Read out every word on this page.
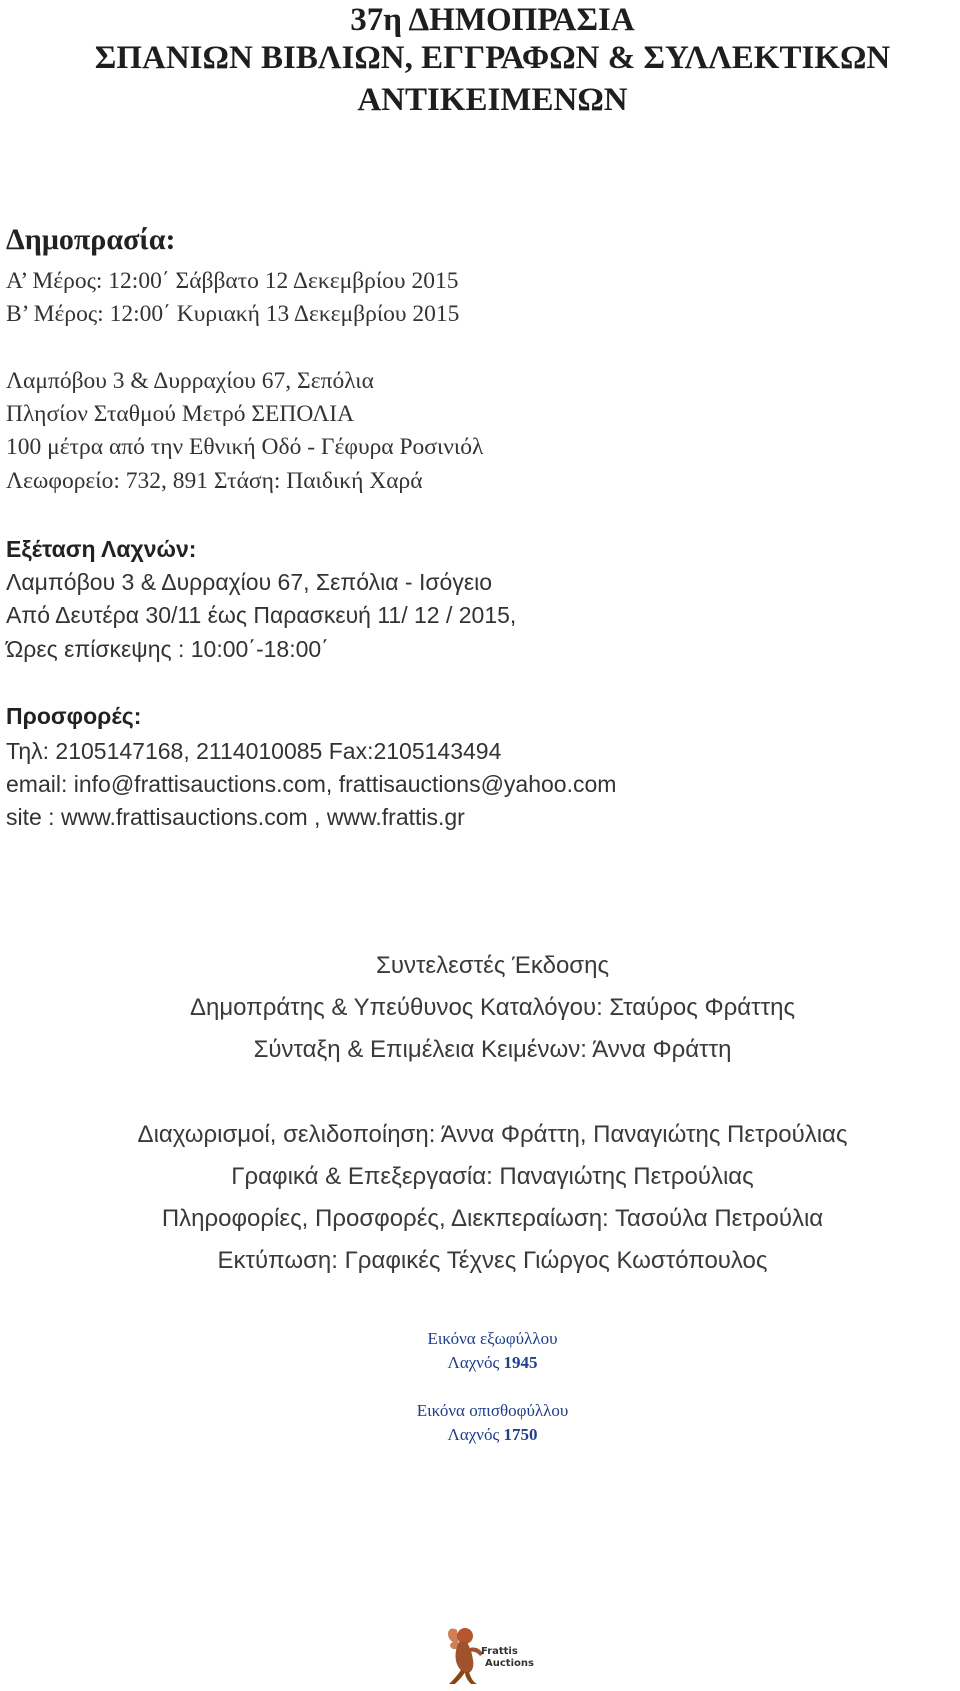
37η ΔΗΜΟΠΡΑΣΙΑ
ΣΠΑΝΙΩΝ ΒΙΒΛΙΩΝ, ΕΓΓΡΑΦΩΝ & ΣΥΛΛΕΚΤΙΚΩΝ
ΑΝΤΙΚΕΙΜΕΝΩΝ
Δημοπρασία:
Α’ Μέρος: 12:00΄ Σάββατο 12 Δεκεμβρίου 2015
Β’ Μέρος: 12:00΄ Κυριακή 13 Δεκεμβρίου 2015
Λαμπόβου 3 & Δυρραχίου 67, Σεπόλια
Πλησίον Σταθμού Μετρό ΣΕΠΟΛΙΑ
100 μέτρα από την Εθνική Οδό - Γέφυρα Ροσινιόλ
Λεωφορείο: 732, 891 Στάση: Παιδική Χαρά
Εξέταση Λαχνών:
Λαμπόβου 3 & Δυρραχίου 67, Σεπόλια - Ισόγειο
Από Δευτέρα 30/11 έως Παρασκευή 11/ 12 / 2015,
Ώρες επίσκεψης : 10:00΄-18:00΄
Προσφορές:
Τηλ: 2105147168, 2114010085 Fax:2105143494
email: info@frattisauctions.com, frattisauctions@yahoo.com
site : www.frattisauctions.com , www.frattis.gr
Συντελεστές Έκδοσης
Δημοπράτης & Υπεύθυνος Καταλόγου: Σταύρος Φράττης
Σύνταξη & Επιμέλεια Κειμένων: Άννα Φράττη
Διαχωρισμοί, σελιδοποίηση: Άννα Φράττη, Παναγιώτης Πετρούλιας
Γραφικά & Επεξεργασία: Παναγιώτης Πετρούλιας
Πληροφορίες, Προσφορές, Διεκπεραίωση: Τασούλα Πετρούλια
Εκτύπωση: Γραφικές Τέχνες Γιώργος Κωστόπουλος
Εικόνα εξωφύλλου
Λαχνός 1945
Εικόνα οπισθοφύλλου
Λαχνός 1750
Frattis
Auctions
